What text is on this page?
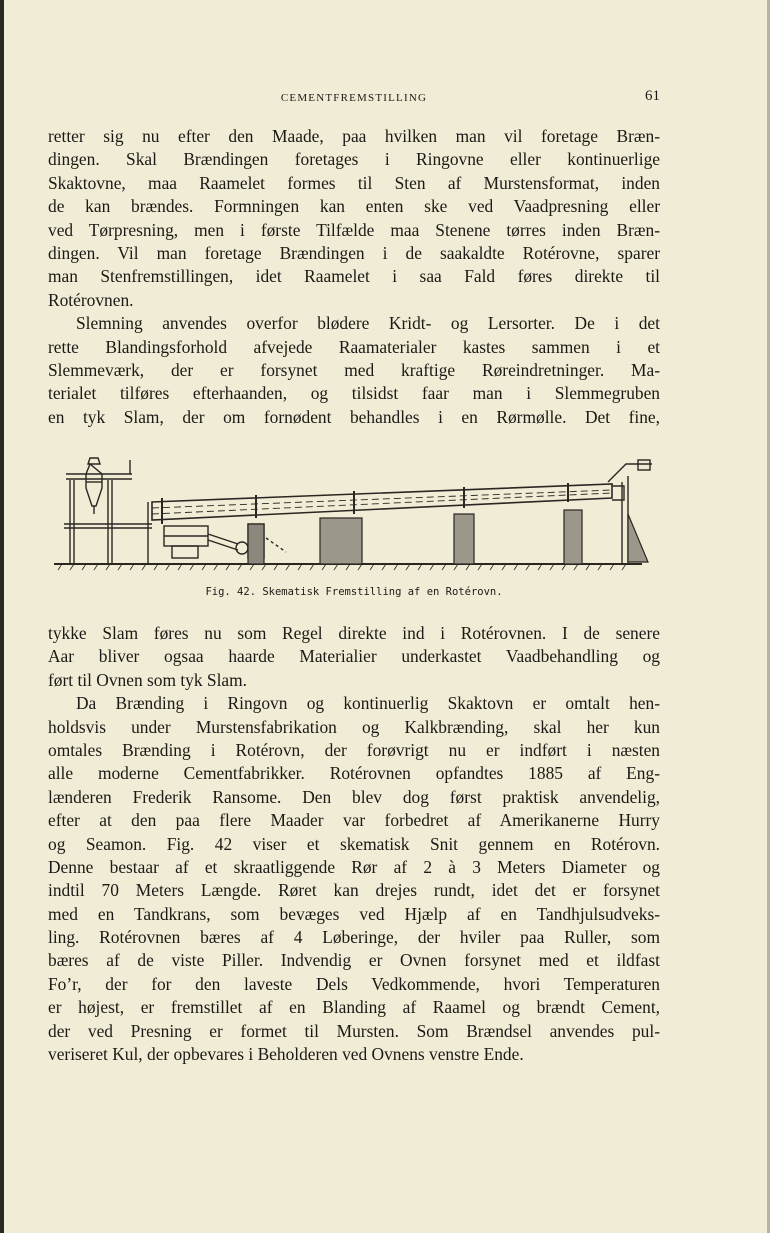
CEMENTFREMSTILLING	61
retter sig nu efter den Maade, paa hvilken man vil foretage Bræn-
dingen. Skal Brændingen foretages i Ringovne eller kontinuerlige
Skaktovne, maa Raamelet formes til Sten af Murstensformat, inden
de kan brændes. Formningen kan enten ske ved Vaadpresning eller
ved Tørpresning, men i første Tilfælde maa Stenene tørres inden Bræn-
dingen. Vil man foretage Brændingen i de saakaldte Rotérovne, sparer
man Stenfremstillingen, idet Raamelet i saa Fald føres direkte til
Rotérovnen.
Slemning anvendes overfor blødere Kridt- og Lersorter. De i det
rette Blandingsforhold afvejede Raamaterialer kastes sammen i et
Slemmeværk, der er forsynet med kraftige Røreindretninger. Ma-
terialet tilføres efterhaanden, og tilsidst faar man i Slemmegruben
en tyk Slam, der om fornødent behandles i en Rørmølle. Det fine,
Fig. 42. Skematisk Fremstilling af en Rotérovn.
tykke Slam føres nu som Regel direkte ind i Rotérovnen. I de senere
Aar bliver ogsaa haarde Materialier underkastet Vaadbehandling og
ført til Ovnen som tyk Slam.
Da Brænding i Ringovn og kontinuerlig Skaktovn er omtalt hen-
holdsvis under Murstensfabrikation og Kalkbrænding, skal her kun
omtales Brænding i Rotérovn, der forøvrigt nu er indført i næsten
alle moderne Cementfabrikker. Rotérovnen opfandtes 1885 af Eng-
lænderen Frederik Ransome. Den blev dog først praktisk anvendelig,
efter at den paa flere Maader var forbedret af Amerikanerne Hurry
og Seamon. Fig. 42 viser et skematisk Snit gennem en Rotérovn.
Denne bestaar af et skraatliggende Rør af 2 à 3 Meters Diameter og
indtil 70 Meters Længde. Røret kan drejes rundt, idet det er forsynet
med en Tandkrans, som bevæges ved Hjælp af en Tandhjulsudveks-
ling. Rotérovnen bæres af 4 Løberinge, der hviler paa Ruller, som
bæres af de viste Piller. Indvendig er Ovnen forsynet med et ildfast
Fo’r, der for den laveste Dels Vedkommende, hvori Temperaturen
er højest, er fremstillet af en Blanding af Raamel og brændt Cement,
der ved Presning er formet til Mursten. Som Brændsel anvendes pul-
veriseret Kul, der opbevares i Beholderen ved Ovnens venstre Ende.
